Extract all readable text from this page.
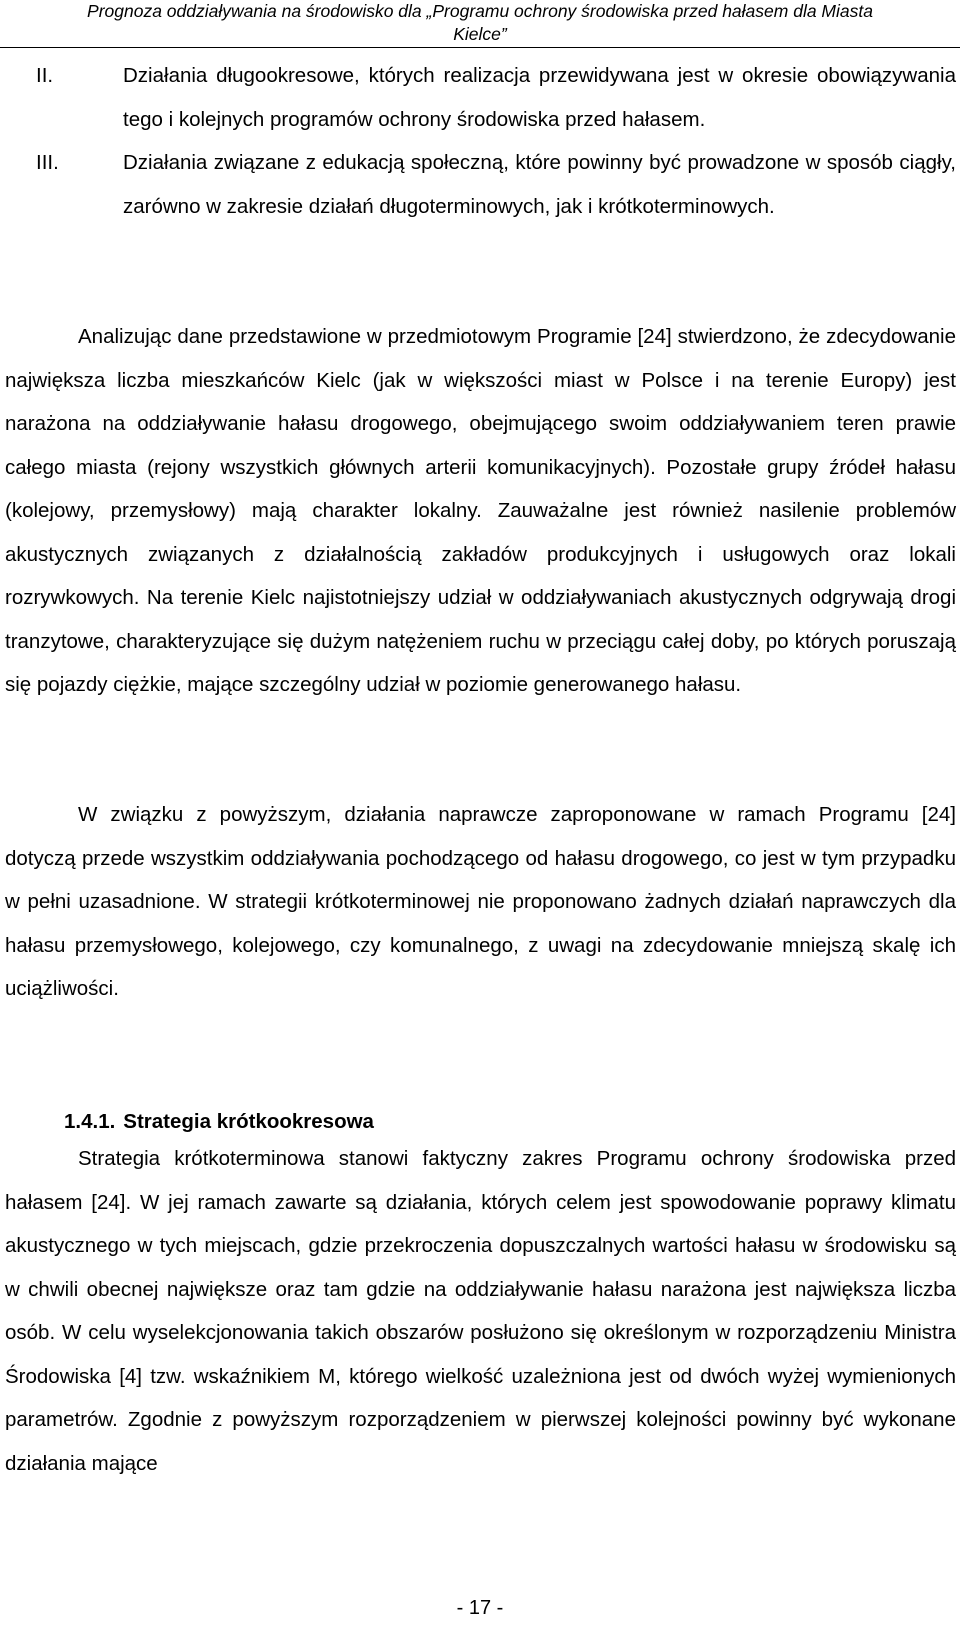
Prognoza oddziaływania na środowisko dla „Programu ochrony środowiska przed hałasem dla Miasta
Kielce”
II.	Działania długookresowe, których realizacja przewidywana jest w okresie obowiązywania tego i kolejnych programów ochrony środowiska przed hałasem.
III.	Działania związane z edukacją społeczną, które powinny być prowadzone w sposób ciągły, zarówno w zakresie działań długoterminowych, jak i krótkoterminowych.

Analizując dane przedstawione w przedmiotowym Programie [24] stwierdzono, że zdecydowanie największa liczba mieszkańców Kielc (jak w większości miast w Polsce i na terenie Europy) jest narażona na oddziaływanie hałasu drogowego, obejmującego swoim oddziaływaniem teren prawie całego miasta (rejony wszystkich głównych arterii komunikacyjnych). Pozostałe grupy źródeł hałasu (kolejowy, przemysłowy) mają charakter lokalny. Zauważalne jest również nasilenie problemów akustycznych związanych z działalnością zakładów produkcyjnych i usługowych oraz lokali rozrywkowych. Na terenie Kielc najistotniejszy udział w oddziaływaniach akustycznych odgrywają drogi tranzytowe, charakteryzujące się dużym natężeniem ruchu w przeciągu całej doby, po których poruszają się pojazdy ciężkie, mające szczególny udział w poziomie generowanego hałasu.

W związku z powyższym, działania naprawcze zaproponowane w ramach Programu [24] dotyczą przede wszystkim oddziaływania pochodzącego od hałasu drogowego, co jest w tym przypadku w pełni uzasadnione. W strategii krótkoterminowej nie proponowano żadnych działań naprawczych dla hałasu przemysłowego, kolejowego, czy komunalnego, z uwagi na zdecydowanie mniejszą skalę ich uciążliwości.

1.4.1. Strategia krótkookresowa

Strategia krótkoterminowa stanowi faktyczny zakres Programu ochrony środowiska przed hałasem [24]. W jej ramach zawarte są działania, których celem jest spowodowanie poprawy klimatu akustycznego w tych miejscach, gdzie przekroczenia dopuszczalnych wartości hałasu w środowisku są w chwili obecnej największe oraz tam gdzie na oddziaływanie hałasu narażona jest największa liczba osób. W celu wyselekcjonowania takich obszarów posłużono się określonym w rozporządzeniu Ministra Środowiska [4] tzw. wskaźnikiem M, którego wielkość uzależniona jest od dwóch wyżej wymienionych parametrów. Zgodnie z powyższym rozporządzeniem w pierwszej kolejności powinny być wykonane działania mające

- 17 -
